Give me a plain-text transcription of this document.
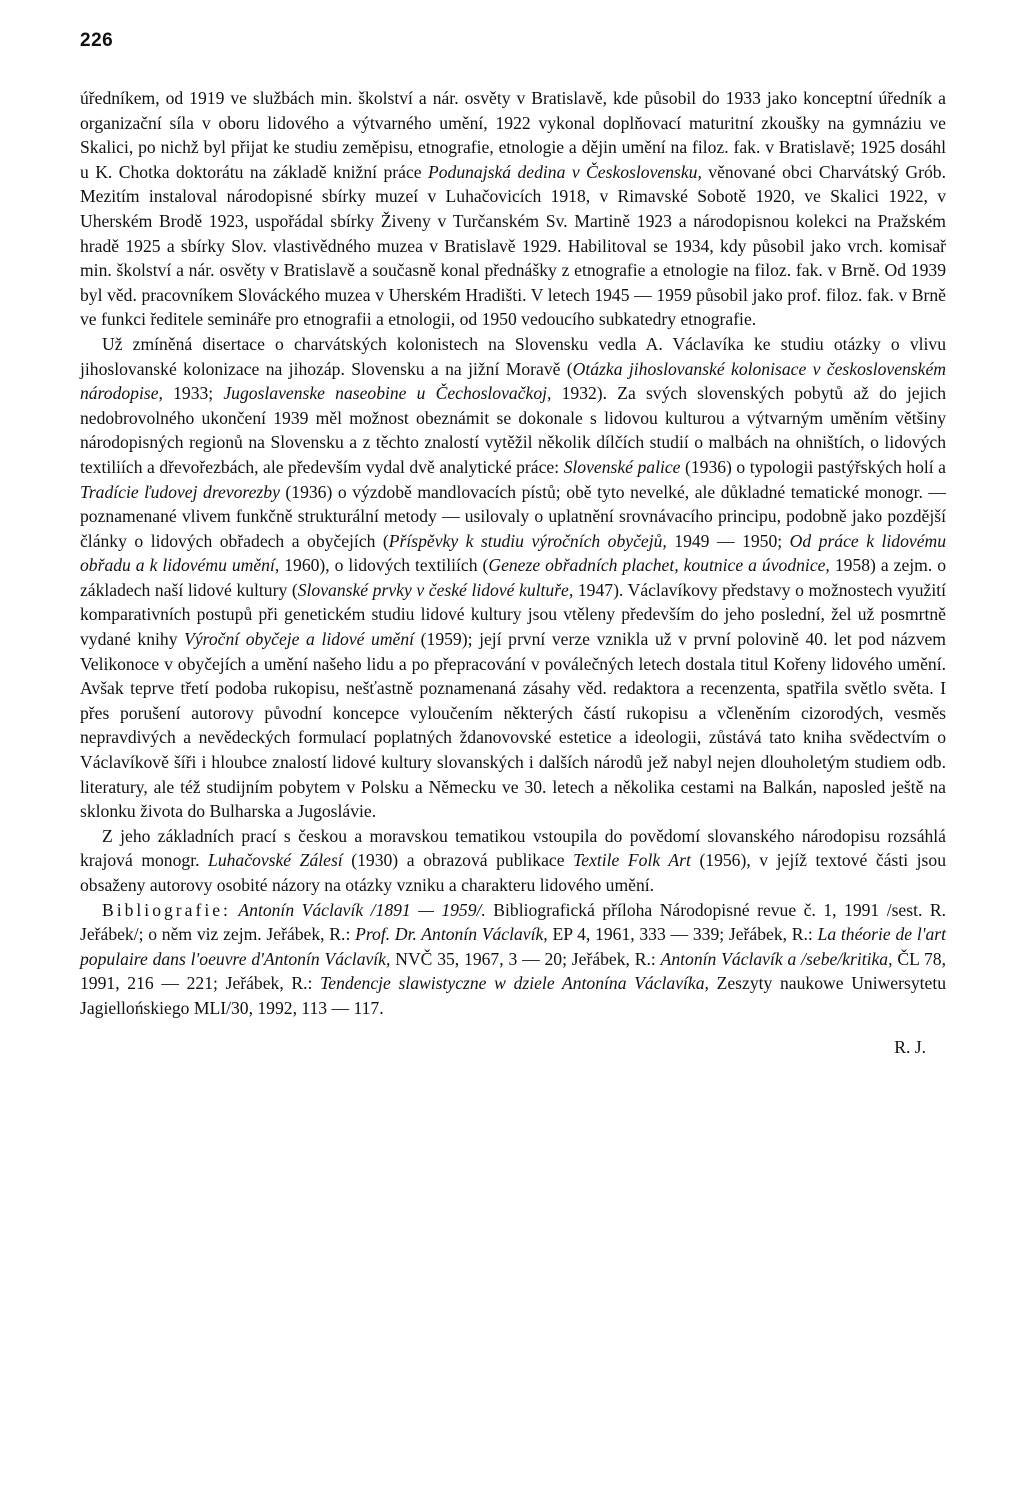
226

úředníkem, od 1919 ve službách min. školství a nár. osvěty v Bratislavě, kde působil do 1933 jako konceptní úředník a organizační síla v oboru lidového a výtvarného umění, 1922 vykonal doplňovací maturitní zkoušky na gymnáziu ve Skalici, po nichž byl přijat ke studiu zeměpisu, etnografie, etnologie a dějin umění na filoz. fak. v Bratislavě; 1925 dosáhl u K. Chotka doktorátu na základě knižní práce Podunajská dedina v Československu, věnované obci Charvátský Grób. Mezitím instaloval národopisné sbírky muzeí v Luhačovicích 1918, v Rimavské Sobotě 1920, ve Skalici 1922, v Uherském Brodě 1923, uspořádal sbírky Živeny v Turčanském Sv. Martině 1923 a národopisnou kolekci na Pražském hradě 1925 a sbírky Slov. vlastivědného muzea v Bratislavě 1929. Habilitoval se 1934, kdy působil jako vrch. komisař min. školství a nár. osvěty v Bratislavě a současně konal přednášky z etnografie a etnologie na filoz. fak. v Brně. Od 1939 byl věd. pracovníkem Slováckého muzea v Uherském Hradišti. V letech 1945 — 1959 působil jako prof. filoz. fak. v Brně ve funkci ředitele semináře pro etnografii a etnologii, od 1950 vedoucího subkatedry etnografie.

Už zmíněná disertace o charvátských kolonistech na Slovensku vedla A. Václavíka ke studiu otázky o vlivu jihoslovanské kolonizace na jihozáp. Slovensku a na jižní Moravě (Otázka jihoslovanské kolonisace v československém národopise, 1933; Jugoslavenske naseobine u Čechoslovačkoj, 1932). Za svých slovenských pobytů až do jejich nedobrovolného ukončení 1939 měl možnost obeznámit se dokonale s lidovou kulturou a výtvarným uměním většiny národopisných regionů na Slovensku a z těchto znalostí vytěžil několik dílčích studií o malbách na ohništích, o lidových textiliích a dřevořezbách, ale především vydal dvě analytické práce: Slovenské palice (1936) o typologii pastýřských holí a Tradície ľudovej drevorezby (1936) o výzdobě mandlovacích pístů; obě tyto nevelké, ale důkladné tematické monogr. — poznamenané vlivem funkčně strukturální metody — usilovaly o uplatnění srovnávacího principu, podobně jako pozdější články o lidových obřadech a obyčejích (Příspěvky k studiu výročních obyčejů, 1949 — 1950; Od práce k lidovému obřadu a k lidovému umění, 1960), o lidových textiliích (Geneze obřadních plachet, koutnice a úvodnice, 1958) a zejm. o základech naší lidové kultury (Slovanské prvky v české lidové kultuře, 1947). Václavíkovy představy o možnostech využití komparativních postupů při genetickém studiu lidové kultury jsou vtěleny především do jeho poslední, žel už posmrtně vydané knihy Výroční obyčeje a lidové umění (1959); její první verze vznikla už v první polovině 40. let pod názvem Velikonoce v obyčejích a umění našeho lidu a po přepracování v poválečných letech dostala titul Kořeny lidového umění. Avšak teprve třetí podoba rukopisu, nešťastně poznamenaná zásahy věd. redaktora a recenzenta, spatřila světlo světa. I přes porušení autorovy původní koncepce vyloučením některých částí rukopisu a včleněním cizorodých, vesměs nepravdivých a nevědeckých formulací poplatných ždanovovské estetice a ideologii, zůstává tato kniha svědectvím o Václavíkově šíři i hloubce znalostí lidové kultury slovanských i dalších národů jež nabyl nejen dlouholetým studiem odb. literatury, ale též studijním pobytem v Polsku a Německu ve 30. letech a několika cestami na Balkán, naposled ještě na sklonku života do Bulharska a Jugoslávie.

Z jeho základních prací s českou a moravskou tematikou vstoupila do povědomí slovanského národopisu rozsáhlá krajová monogr. Luhačovské Zálesí (1930) a obrazová publikace Textile Folk Art (1956), v jejíž textové části jsou obsaženy autorovy osobité názory na otázky vzniku a charakteru lidového umění.

Bibliografie: Antonín Václavík /1891 — 1959/. Bibliografická příloha Národopisné revue č. 1, 1991 /sest. R. Jeřábek/; o něm viz zejm. Jeřábek, R.: Prof. Dr. Antonín Václavík, EP 4, 1961, 333 — 339; Jeřábek, R.: La théorie de l'art populaire dans l'oeuvre d'Antonín Václavík, NVČ 35, 1967, 3 — 20; Jeřábek, R.: Antonín Václavík a /sebe/kritika, ČL 78, 1991, 216 — 221; Jeřábek, R.: Tendencje slawistyczne w dziele Antonína Václavíka, Zeszyty naukowe Uniwersytetu Jagiellońskiego MLI/30, 1992, 113 — 117.

R. J.
